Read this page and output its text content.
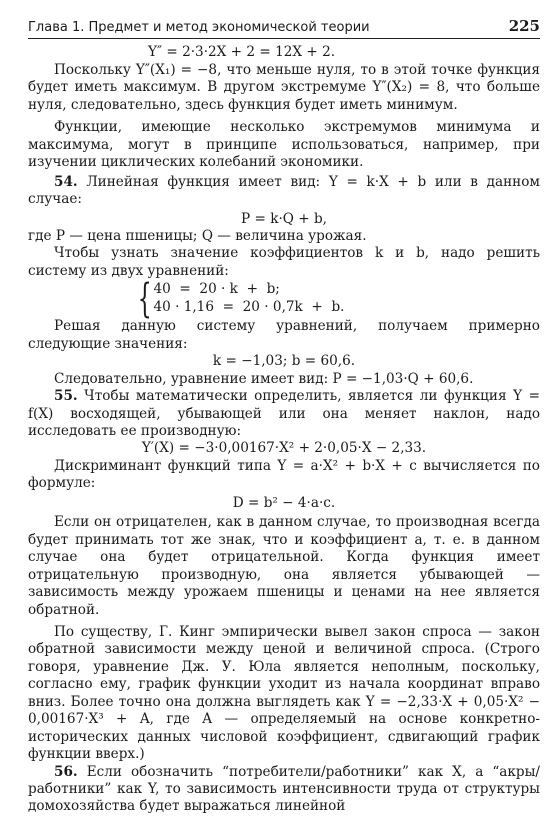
Глава 1. Предмет и метод экономической теории	225

Y″ = 2·3·2X + 2 = 12X + 2.

Поскольку Y″(X₁) = −8, что меньше нуля, то в этой точке функция будет иметь максимум. В другом экстремуме Y″(X₂) = 8, что больше нуля, следовательно, здесь функция будет иметь минимум.

Функции, имеющие несколько экстремумов минимума и максимума, могут в принципе использоваться, например, при изучении циклических колебаний экономики.

54. Линейная функция имеет вид: Y = k·X + b или в данном случае:

P = k·Q + b,

где P — цена пшеницы; Q — величина урожая.

Чтобы узнать значение коэффициентов k и b, надо решить систему из двух уравнений:

{ 40  =  20 · k  +  b;
40 · 1,16  =  20 · 0,7k  +  b.

Решая данную систему уравнений, получаем примерно следующие значения:

k = −1,03; b = 60,6.

Следовательно, уравнение имеет вид: P = −1,03·Q + 60,6.

55. Чтобы математически определить, является ли функция Y = f(X) восходящей, убывающей или она меняет наклон, надо исследовать ее производную:

Y′(X) = −3·0,00167·X² + 2·0,05·X − 2,33.

Дискриминант функций типа Y = a·X² + b·X + c вычисляется по формуле:

D = b² − 4·a·c.

Если он отрицателен, как в данном случае, то производная всегда будет принимать тот же знак, что и коэффициент a, т. е. в данном случае она будет отрицательной. Когда функция имеет отрицательную производную, она является убывающей — зависимость между урожаем пшеницы и ценами на нее является обратной.

По существу, Г. Кинг эмпирически вывел закон спроса — закон обратной зависимости между ценой и величиной спроса. (Строго говоря, уравнение Дж. У. Юла является неполным, поскольку, согласно ему, график функции уходит из начала координат вправо вниз. Более точно она должна выглядеть как Y = −2,33·X + 0,05·X² − 0,00167·X³ + A, где A — определяемый на основе конкретно-исторических данных числовой коэффициент, сдвигающий график функции вверх.)

56. Если обозначить “потребители/работники” как X, а “акры/работники” как Y, то зависимость интенсивности труда от структуры домохозяйства будет выражаться линейной
